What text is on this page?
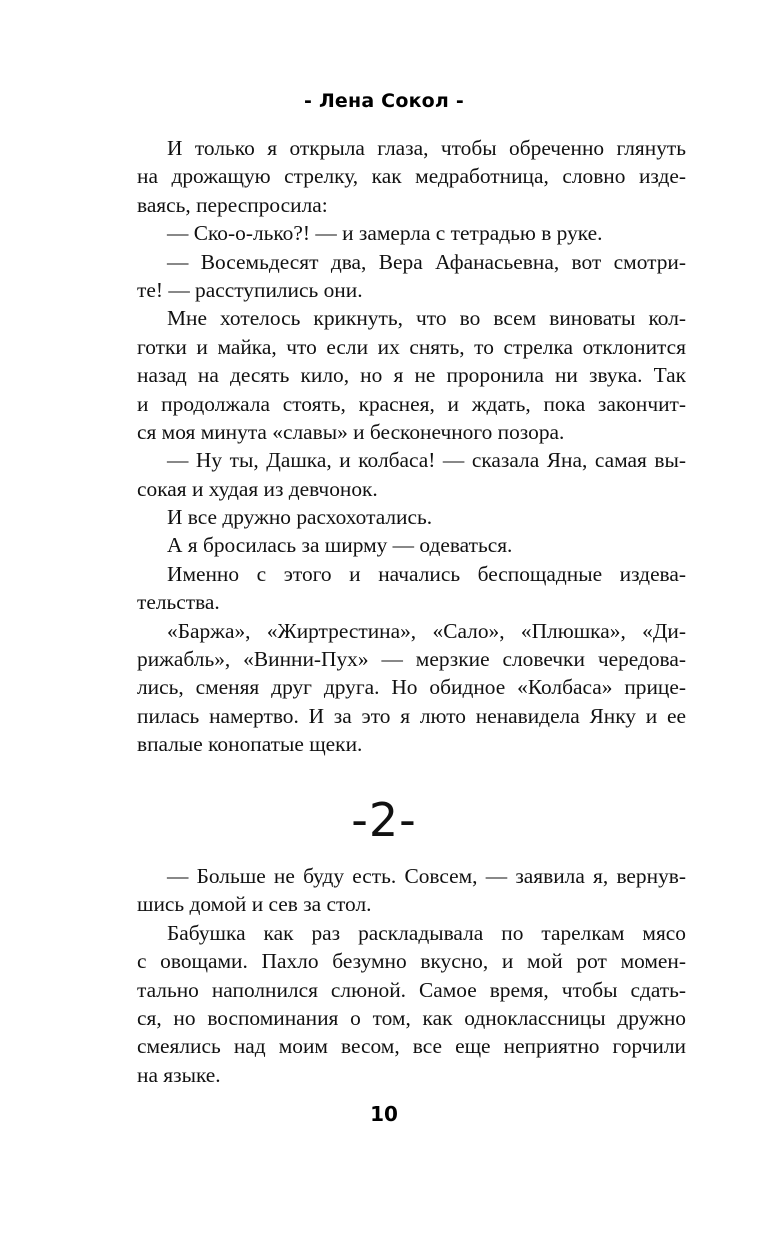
- Лена Сокол -
И только я открыла глаза, чтобы обреченно глянуть
на дрожащую стрелку, как медработница, словно изде-
ваясь, переспросила:
— Ско-о-лько?! — и замерла с тетрадью в руке.
— Восемьдесят два, Вера Афанасьевна, вот смотри-
те! — расступились они.
Мне хотелось крикнуть, что во всем виноваты кол-
готки и майка, что если их снять, то стрелка отклонится
назад на десять кило, но я не проронила ни звука. Так
и продолжала стоять, краснея, и ждать, пока закончит-
ся моя минута «славы» и бесконечного позора.
— Ну ты, Дашка, и колбаса! — сказала Яна, самая вы-
сокая и худая из девчонок.
И все дружно расхохотались.
А я бросилась за ширму — одеваться.
Именно с этого и начались беспощадные издева-
тельства.
«Баржа», «Жиртрестина», «Сало», «Плюшка», «Ди-
рижабль», «Винни-Пух» — мерзкие словечки чередова-
лись, сменяя друг друга. Но обидное «Колбаса» прице-
пилась намертво. И за это я люто ненавидела Янку и ее
впалые конопатые щеки.
-2-
— Больше не буду есть. Совсем, — заявила я, вернув-
шись домой и сев за стол.
Бабушка как раз раскладывала по тарелкам мясо
с овощами. Пахло безумно вкусно, и мой рот момен-
тально наполнился слюной. Самое время, чтобы сдать-
ся, но воспоминания о том, как одноклассницы дружно
смеялись над моим весом, все еще неприятно горчили
на языке.
10
